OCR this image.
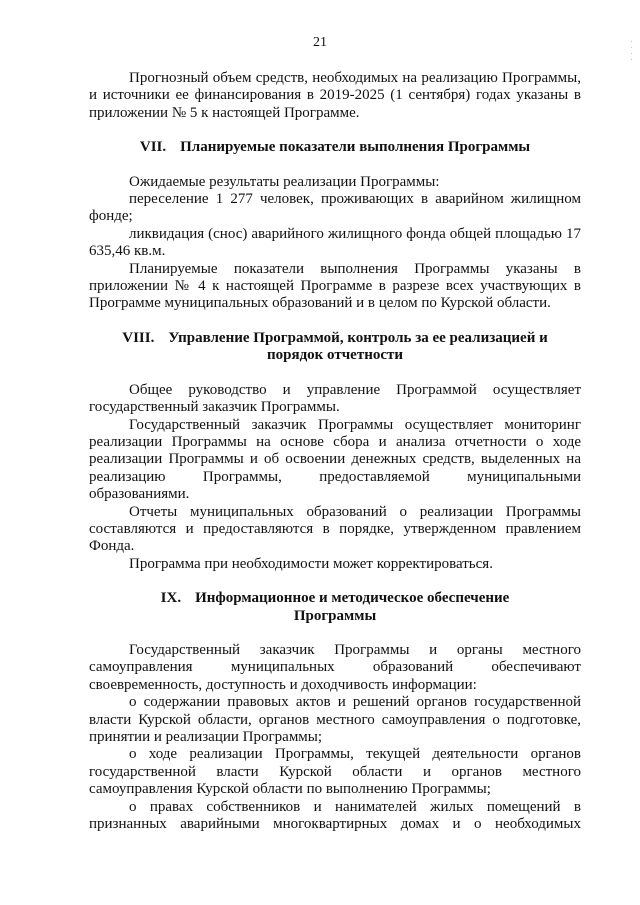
21	· · · ·

Прогнозный объем средств, необходимых на реализацию Программы, и источники ее финансирования в 2019-2025 (1 сентября) годах указаны в приложении № 5 к настоящей Программе.

VII. Планируемые показатели выполнения Программы

Ожидаемые результаты реализации Программы:

переселение 1 277 человек, проживающих в аварийном жилищном фонде;

ликвидация (снос) аварийного жилищного фонда общей площадью 17 635,46 кв.м.

Планируемые показатели выполнения Программы указаны в приложении № 4 к настоящей Программе в разрезе всех участвующих в Программе муниципальных образований и в целом по Курской области.

VIII. Управление Программой, контроль за ее реализацией и
порядок отчетности

Общее руководство и управление Программой осуществляет государственный заказчик Программы.

Государственный заказчик Программы осуществляет мониторинг реализации Программы на основе сбора и анализа отчетности о ходе реализации Программы и об освоении денежных средств, выделенных на реализацию Программы, предоставляемой муниципальными образованиями.

Отчеты муниципальных образований о реализации Программы составляются и предоставляются в порядке, утвержденном правлением Фонда.

Программа при необходимости может корректироваться.

IX. Информационное и методическое обеспечение
Программы

Государственный заказчик Программы и органы местного самоуправления муниципальных образований обеспечивают своевременность, доступность и доходчивость информации:

о содержании правовых актов и решений органов государственной власти Курской области, органов местного самоуправления о подготовке, принятии и реализации Программы;

о ходе реализации Программы, текущей деятельности органов государственной власти Курской области и органов местного самоуправления Курской области по выполнению Программы;

о правах собственников и нанимателей жилых помещений в признанных аварийными многоквартирных домах и о необходимых
